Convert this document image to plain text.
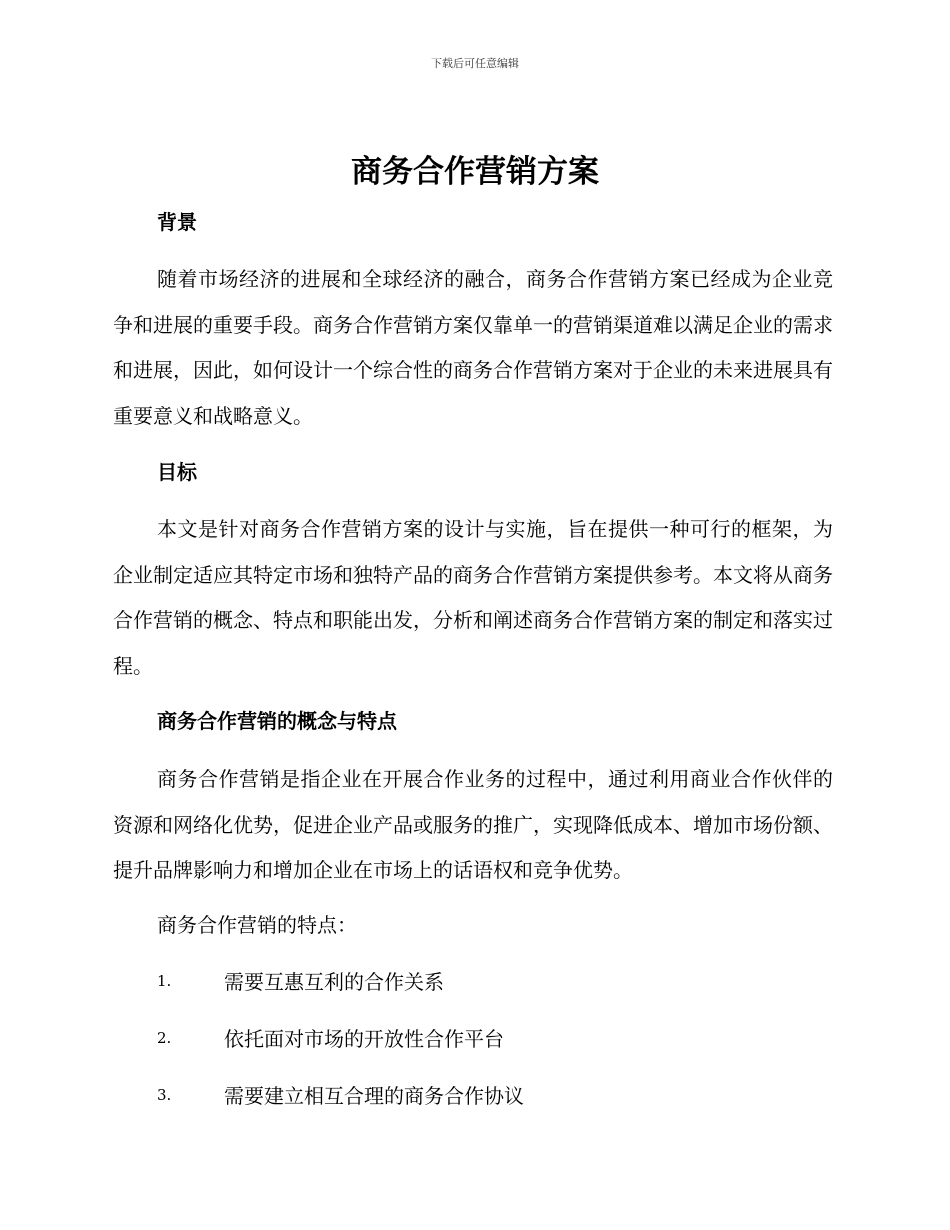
下载后可任意编辑
商务合作营销方案
背景
随着市场经济的进展和全球经济的融合，商务合作营销方案已经成为企业竞争和进展的重要手段。商务合作营销方案仅靠单一的营销渠道难以满足企业的需求和进展，因此，如何设计一个综合性的商务合作营销方案对于企业的未来进展具有重要意义和战略意义。
目标
本文是针对商务合作营销方案的设计与实施，旨在提供一种可行的框架，为企业制定适应其特定市场和独特产品的商务合作营销方案提供参考。本文将从商务合作营销的概念、特点和职能出发，分析和阐述商务合作营销方案的制定和落实过程。
商务合作营销的概念与特点
商务合作营销是指企业在开展合作业务的过程中，通过利用商业合作伙伴的资源和网络化优势，促进企业产品或服务的推广，实现降低成本、增加市场份额、提升品牌影响力和增加企业在市场上的话语权和竞争优势。
商务合作营销的特点：
1.	需要互惠互利的合作关系
2.	依托面对市场的开放性合作平台
3.	需要建立相互合理的商务合作协议
